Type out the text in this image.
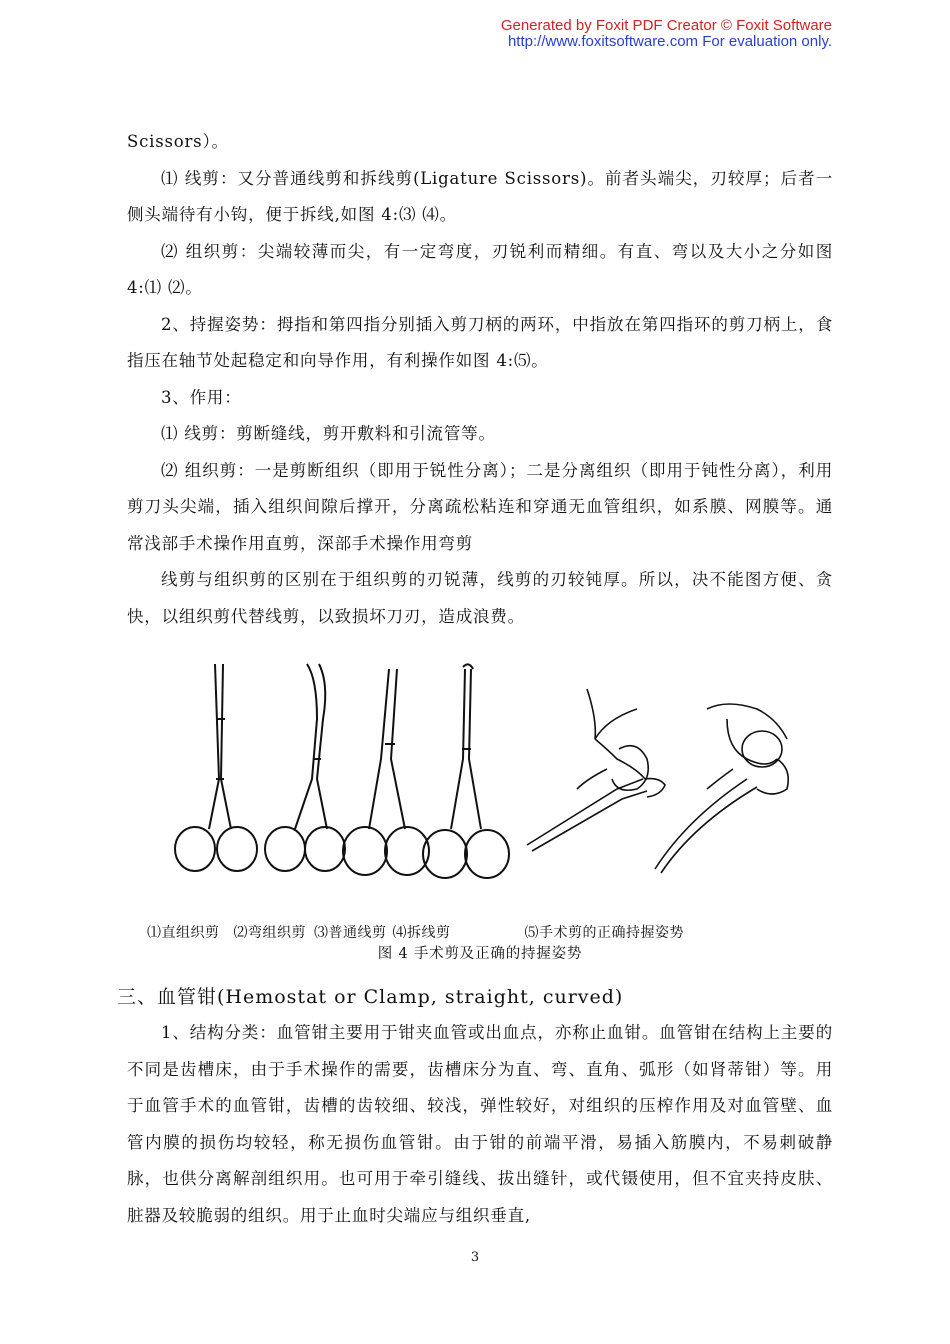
Generated by Foxit PDF Creator © Foxit Software
http://www.foxitsoftware.com For evaluation only.

Scissors）。

⑴ 线剪：又分普通线剪和拆线剪(Ligature Scissors)。前者头端尖，刃较厚；后者一侧头端待有小钩，便于拆线,如图 4:⑶ ⑷。

⑵ 组织剪：尖端较薄而尖，有一定弯度，刃锐利而精细。有直、弯以及大小之分如图 4:⑴ ⑵。

2、持握姿势：拇指和第四指分别插入剪刀柄的两环，中指放在第四指环的剪刀柄上，食指压在轴节处起稳定和向导作用，有利操作如图 4:⑸。

3、作用：

⑴ 线剪：剪断缝线，剪开敷料和引流管等。

⑵ 组织剪：一是剪断组织（即用于锐性分离）；二是分离组织（即用于钝性分离），利用剪刀头尖端，插入组织间隙后撑开，分离疏松粘连和穿通无血管组织，如系膜、网膜等。通常浅部手术操作用直剪，深部手术操作用弯剪

线剪与组织剪的区别在于组织剪的刃锐薄，线剪的刃较钝厚。所以，决不能图方便、贪快，以组织剪代替线剪，以致损坏刀刃，造成浪费。

⑴直组织剪 ⑵弯组织剪 ⑶普通线剪 ⑷拆线剪	⑸手术剪的正确持握姿势
图 4 手术剪及正确的持握姿势

三、血管钳(Hemostat or Clamp, straight, curved)

1、结构分类：血管钳主要用于钳夹血管或出血点，亦称止血钳。血管钳在结构上主要的不同是齿槽床，由于手术操作的需要，齿槽床分为直、弯、直角、弧形（如肾蒂钳）等。用于血管手术的血管钳，齿槽的齿较细、较浅，弹性较好，对组织的压榨作用及对血管壁、血管内膜的损伤均较轻，称无损伤血管钳。由于钳的前端平滑，易插入筋膜内，不易刺破静脉，也供分离解剖组织用。也可用于牵引缝线、拔出缝针，或代镊使用，但不宜夹持皮肤、脏器及较脆弱的组织。用于止血时尖端应与组织垂直,

3
